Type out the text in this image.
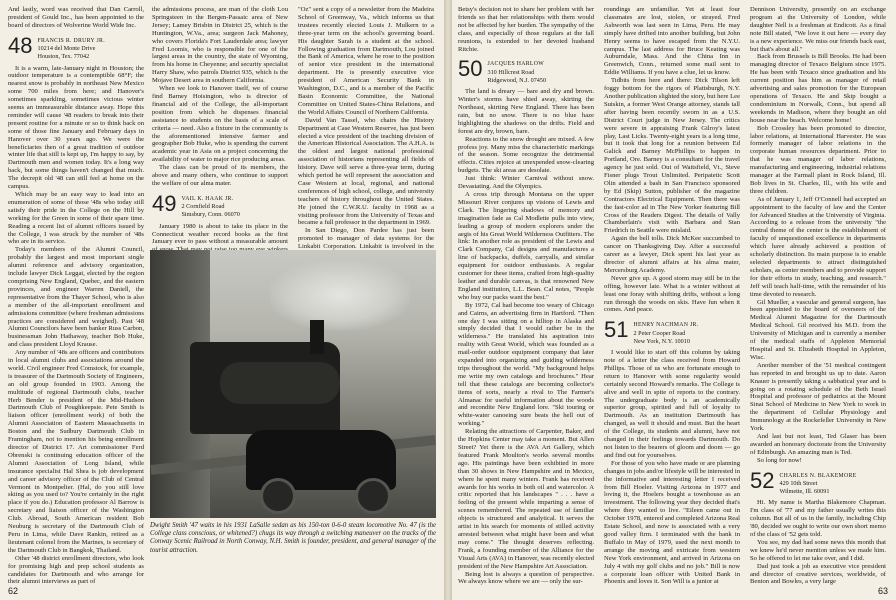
And lastly, word was received that Dan Carroll, president of Gould Inc., has been appointed to the board of directors of Wolverine World Wide Inc.

48 FRANCIS R. DRURY JR.
10214 del Monte Drive
Houston, Tex. 77042

It is a warm, late-January night in Houston; the outdoor temperature is a contemptible 68°F; the nearest snow is probably in northeast New Mexico some 700 miles from here; and Hanover's sometimes sparkling, sometimes vicious winter seems an immeasurable distance away. Hope this reminder will cause '48 readers to break into their present routine for a minute or so to think back on some of those fine January and February days in Hanover over 30 years ago. We were the beneficiaries then of a great tradition of outdoor winter life that still is kept up, I'm happy to say, by Dartmouth men and women today. It's a long way back, but some things haven't changed that much. The decrepit old '48 can still feel at home on the campus.

Which may be an easy way to lead into an enumeration of some of those '48s who today still satisfy their pride in the College on the Hill by working for the Green in some of their spare time. Reading a recent list of alumni officers issued by the College, I was struck by the number of '48s who are in its service.

Today's members of the Alumni Council, probably the largest and most important single alumni reference and advisory organization, include lawyer Dick Leggat, elected by the region comprising New England, Quebec, and the eastern provinces, and engineer Warren Daniell, the representative from the Thayer School, who is also a member of the all-important enrollment and admissions committee (where freshman admissions practices are considered and weighed). Past '48 Alumni Councilors have been banker Russ Carbon, businessman John Hathaway, teacher Bob Huke, and class president Lloyd Krause.

Any number of '48s are officers and contributors in local alumni clubs and associations around the world. Civil engineer Fred Comstock, for example, is treasurer of the Dartmouth Society of Engineers, an old group founded in 1903. Among the multitude of regional Dartmouth clubs, teacher Herb Bender is president of the Mid-Hudson Dartmouth Club of Poughkeepsie. Pete Smith is liaison officer (enrollment work) of both the Alumni Association of Eastern Massachusetts in Boston and the Sudbury Dartmouth Club in Framingham, not to mention his being enrollment director of District 17. Art commissioner Ferd Obrenski is continuing education officer of the Alumni Association of Long Island, while insurance specialist Hal Shea is job development and career advisory officer of the Club of Central Vermont in Montpelier. (Hal, do you still love skiing as you used to? You're certainly in the right place if you do.) Education professor Al Barrow is secretary and liaison officer of the Washington Club. Abroad, South American resident Bob Neuburg is secretary of the Dartmouth Club of Peru in Lima, while Dave Rankin, retired as a lieutenant colonel from the Marines, is secretary of the Dartmouth Club in Bangkok, Thailand.

Other '48 district enrollment directors, who look for promising high and prep school students as candidates for Dartmouth and who arrange for their alumni interviews as part of

the admissions process, are man of the cloth Lou Springsteen in the Bergen-Passaic area of New Jersey; Lamey Brisbin in District 25, which is the Huntington, W.Va., area; surgeon Jack Mahoney, who covers Florida's Fort Lauderdale area; lawyer Fred Loomis, who is responsible for one of the largest areas in the country, the state of Wyoming, from his home in Cheyenne; and security specialist Harry Shaw, who patrols District 935, which is the Mojave Desert area in southern California.

When we look to Hanover itself, we of course find Barney Hoisington, who is director of financial aid of the College, the all-important position from which he dispenses financial assistance to students on the basis of a scale of criteria — need. Also a fixture in the community is the aforementioned intensive farmer and geographer Bob Huke, who is spending the current academic year in Asia on a project concerning the availability of water to major rice producing areas.

The class can be proud of its members, the above and many others, who continue to support the welfare of our alma mater.

49 VAIL K. HAAK JR.
2 Cornfield Road
Simsbury, Conn. 06070

January 1980 is about to take its place in the Connecticut weather record books as the first January ever to pass without a measurable amount

"Oz" sent a copy of a newsletter from the Madeira School of Greenway, Va., which informs us that trustees recently elected Louis J. Mulkern to a three-year term on the school's governing board. His daughter Sarah is a student at the school. Following graduation from Dartmouth, Lou joined the Bank of America, where he rose to the position of senior vice president in the international department. He is presently executive vice president of American Security Bank in Washington, D.C., and is a member of the Pacific Basin Economic Committee, the National Committee on United States-China Relations, and the World Affairs Council of Northern California.

David Van Tassel, who chairs the History Department at Case Western Reserve, has just been elected a vice president of the teaching division of the American Historical Association. The A.H.A. is the oldest and largest national professional association of historians representing all fields of history. Dave will serve a three-year term, during which period he will represent the association and Case Western at local, regional, and national conferences of high school, college, and university teachers of history throughout the United States. He joined the C.W.R.U. faculty in 1968 as a visiting professor from the University of Texas and became a full professor in the department in 1969.

In San Diego, Don Pardee has just been promoted to manager of data systems for the Linkabit Corporation. Linkabit is involved in the

Dwight Smith '47 waits in his 1931 LaSalle sedan as his 150-ton 0-6-0 steam locomotive No. 47 (is the College class conscious, or whitened?) chugs its way through a switching maneuver on the tracks of the Conway Scenic Railroad in North Conway, N.H. Smith is founder, president, and general manager of the tourist attraction.
62

Betsy's decision not to share her problem with her friends so that her relationships with them would not be affected by her burden. The sympathy of the class, and especially of those regulars at the fall reunions, is extended to her devoted husband Ritchie.

50 JACQUES HARLOW
310 Hillcrest Road
Ridgewood, N.J. 07450

The land is dreary — bare and dry and brown. Winter's storms have shied away, skirting the Northeast, skirting New England. There has been rain, but no snow. There is no blue haze highlighting the shadows on the drifts. Field and forest are dry, brown, bare.

Reactions to the snow drought are mixed. A few profess joy. Many miss the characteristic markings of the season. Some recognize the detrimental effects. Cities rejoice at unexpended snow-clearing budgets. The ski areas are desolate.

Just think: Winter Carnival without snow. Devastating. And the Olympics.

A cross trip through Montana on the upper Missouri River conjures up visions of Lewis and Clark. The lingering shadows of memory and imagination fade as Cal Modlette pulls into view, leading a group of modern explorers under the aegis of his Great World Wilderness Outfitters. The link: In another role as president of the Lewis and Clark Company, Cal designs and manufactures a line of backpacks, duffels, carryalls, and similar equipment for outdoor enthusiasts. A regular customer for these items, crafted from high-quality leather and durable canvas, is that renowned New England institution, L.L. Bean. Cal notes, "People who buy our packs want the best."

By 1972, Cal had become too weary of Chicago and Cairns, an advertising firm in Hartford. "Then one day I was sitting on a hilltop in Alaska and simply decided that I would rather be in the wilderness." He translated his aspiration into reality with Great World, which was founded as a mail-order outdoor equipment company that later expanded into organizing and guiding wilderness trips throughout the world. "My background helps me write my own catalogs and brochures." Hear tell that these catalogs are becoming collector's items of sorts, nearly a rival to The Farmer's Almanac for useful information about the woods and recondite New England lore. "Ski touring or white-water canoeing sure beats the hell out of working."

Relating the attractions of Carpenter, Baker, and the Hopkins Center may take a moment. But Allen Street? Yet there is the AVA Art Gallery, which featured Frank Moulton's works several months ago. His paintings have been exhibited in more than 30 shows in New Hampshire and in Mexico, where he spent many winters. Frank has received awards for his works in both oil and watercolor. A critic reported that his landscapes " . . . have a feeling of the present while imparting a sense of scenes remembered. The repeated use of familiar objects is structured and analytical. It serves the artist in his search for moments of stilled activity arrested between what might have been and what may come." The thought deserves reflecting. Frank, a founding member of the Alliance for the Visual Arts (AVA) in Hanover, was recently elected president of the New Hampshire Art Association.

Being lost is always a question of perspective. We always know where we are — only the sur-

roundings are unfamiliar. Yet at least four classmates are lost, stolen, or strayed. Fred Ashworth was last seen in Lima, Peru. He may simply have drifted into another building, but John Henry seems to have escaped from the N.Y.U. campus. The last address for Bruce Keating was Auburndale, Mass. And the China Inn in Greenwich, Conn., returned some mail sent to Eddie Williams. If you have a clue, let us know.

Tidbits from here and there: Dick Tilson left foggy bottom for the rigors of Plattsburgh, N.Y. Another publication slighted the story, but here Lee Sutskin, a former West Orange attorney, stands tall after having been recently sworn in as a U.S. District Court judge in New Jersey. The critics were severe in appraising Frank Gilroy's latest play, Last Licks. Twenty-eight years is a long time, but it took that long for a reunion between Ed Galick and Barney McPhillips to happen in Portland, Ore. Barney is a consultant for the travel agency he just sold. Out of Waitsfield, Vt., Steve Fisner plugs Trout Unlimited. Peripatetic Scott Olin attended a bash in San Francisco sponsored by Ed (Skip) Sutton, publisher of the magazine Contractors Electrical Equipment. Then there was the fast-color ad in The New Yorker featuring Bill Cross of the Readers Digest. The details of Vally Chamberlain's visit with Barbara and Stan Friedrich in Seattle were mislaid.

Again the bell tolls. Dick McKee succumbed to cancer on Thanksgiving Day. After a successful career as a lawyer, Dick spent his last year as director of alumni affairs at his alma mater, Mercersburg Academy.

Never give up. A good storm may still be in the offing, however late. What is a winter without at least one foray with shifting drifts, without a long run through the woods on skis. Have fun when it comes. And peace.

51 HENRY NACHMAN JR.
2 Peter Cooper Road
New York, N.Y. 10010

I would like to start off this column by taking note of a letter the class received from Howard Phillips. Those of us who are fortunate enough to return to Hanover with some regularity would certainly second Howard's remarks. The College is alive and well in spite of reports to the contrary. The undergraduate body is an academically superior group, spirited and full of loyalty to Dartmouth. As an institution Dartmouth has changed, as well it should and must. But the heart of the College, its students and alumni, have not changed in their feelings towards Dartmouth. Do not listen to the bearers of gloom and doom — go and find out for yourselves.

For those of you who have made or are planning changes in jobs and/or lifestyle will be interested in the informative and interesting letter I received from Bill Hoeler. Visiting Arizona in 1977 and loving it, the Hoelers bought a townhouse as an investment. The following year they decided that's where they wanted to live. "Eileen came out in October 1978, entered and completed Arizona Real Estate School, and now is associated with a very good valley firm. I terminated with the bank in Buffalo in May of 1979, used the next month to arrange the moving and extricate from western New York environment, and arrived in Arizona on July 4 with my golf clubs and no job." Bill is now a corporate loan officer with United Bank in Phoenix and loves it. Son Will is a junior at

Dennison University, presently on an exchange program at the University of London, while daughter Nell is a freshman at Endicott. As a final note Bill stated, "We love it out here — every day is a new experience. We miss our friends back east, but that's about all."

Back from Brussels is Bill Brooks. He had been managing director of Texaco Belgium since 1975. He has been with Texaco since graduation and his current position has him as manager of retail advertising and sales promotion for the European operations of Texaco. He and Skip bought a condominium in Norwalk, Conn., but spend all weekends in Madison, where they bought an old house near the beach. Welcome home!

Bob Crossley has been promoted to director, labor relations, at International Harvester. He was formerly manager of labor relations in the corporate human resources department. Prior to that he was manager of labor relations, manufacturing and engineering, industrial relations manager at the Farmall plant in Rock Island, Ill. Bob lives in St. Charles, Ill., with his wife and three children.

As of January 1, Jeff O'Connell had accepted an appointment to the faculty of law and the Center for Advanced Studies at the University of Virginia. According to a release from the university "the central theme of the center is the establishment of faculty of unquestioned excellence in departments which have already achieved a position of scholarly distinction. Its main purpose is to enable selected departments to attract distinguished scholars, as center members and to provide support for their efforts in study, teaching, and research." Jeff will teach half-time, with the remainder of his time devoted to research.

Gil Mueller, a vascular and general surgeon, has been appointed to the board of overseers of the Medical Alumni Magazine for the Dartmouth Medical School. Gil received his M.D. from the University of Michigan and is currently a member of the medical staffs of Appleton Memorial Hospital and St. Elizabeth Hospital in Appleton, Wisc.

Another member of the '51 medical contingent has reported in and brought us up to date. Aaron Knauer is presently taking a sabbatical year and is going on a rotating schedule of the Beth Israel Hospital and professor of pediatrics at the Mount Sinai School of Medicine in New York to work in the department of Cellular Physiology and Immunology at the Rockefeller University in New York.

And last but not least, Ted Glaser has been awarded an honorary doctorate from the University of Edinburgh. An amazing man is Ted.

So long for now!

52 CHARLES N. BLAKEMORE
429 10th Street
Wilmette, Ill. 60091

Hi. My name is Martha Blakemore Chapman. I'm class of '77 and my father usually writes this column. But all of us in the family, including Chip '80, decided we ought to write our own short memo of the class of '52 gets told.

You see, my dad had some news this month that we knew he'd never mention unless we made him. So he offered to let me take over, and I did.

Dad just took a job as executive vice president and director of creative services, worldwide, of Benton and Bowles, a very large

63
